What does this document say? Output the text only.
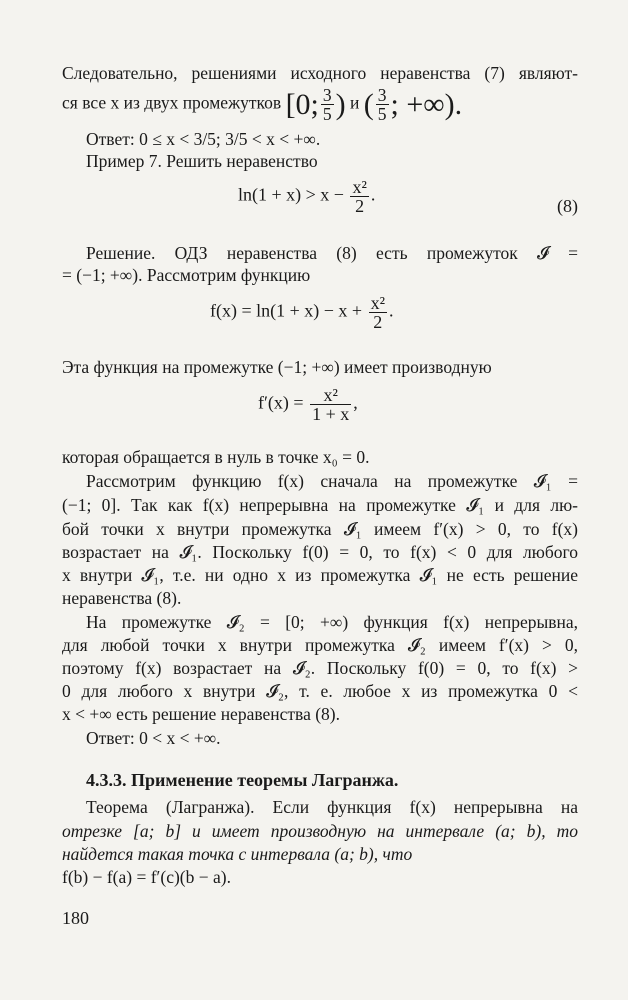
Следовательно, решениями исходного неравенства (7) являют-
ся все x из двух промежутков [0; $\frac{3}{5}$ ) и ( $\frac{3}{5}$ ; +∞).
Ответ: 0 ≤ x < 3/5; 3/5 < x < +∞.
Пример 7. Решить неравенство
$\ln(1 + x) > x - \frac{\text{x²}}{2}$ .
(8)
Решение. ОДЗ неравенства (8) есть промежуток 𝓘 =
= (−1; +∞). Рассмотрим функцию
$f(x) = \ln(1 + x) - x + \frac{\text{x²}}{2}$ .
Эта функция на промежутке (−1; +∞) имеет производную
$f'(x) = \frac{\text{x²}}{1 + x}$ ,
которая обращается в нуль в точке x₀ = 0.
Рассмотрим функцию f(x) сначала на промежутке 𝓘₁ =
(−1; 0]. Так как f(x) непрерывна на промежутке 𝓘₁ и для лю-
бой точки x внутри промежутка 𝓘₁ имеем f′(x) > 0, то f(x)
возрастает на 𝓘₁. Поскольку f(0) = 0, то f(x) < 0 для любого
x внутри 𝓘₁, т.е. ни одно x из промежутка 𝓘₁ не есть решение
неравенства (8).
На промежутке 𝓘₂ = [0; +∞) функция f(x) непрерывна,
для любой точки x внутри промежутка 𝓘₂ имеем f′(x) > 0,
поэтому f(x) возрастает на 𝓘₂. Поскольку f(0) = 0, то f(x) >
0 для любого x внутри 𝓘₂, т. е. любое x из промежутка 0 <
x < +∞ есть решение неравенства (8).
Ответ: 0 < x < +∞.
4.3.3. Применение теоремы Лагранжа.
Теорема (Лагранжа). Если функция f(x) непрерывна на
отрезке [a; b] и имеет производную на интервале (a; b), то
найдется такая точка c интервала (a; b), что
f(b) − f(a) = f′(c)(b − a).
180
